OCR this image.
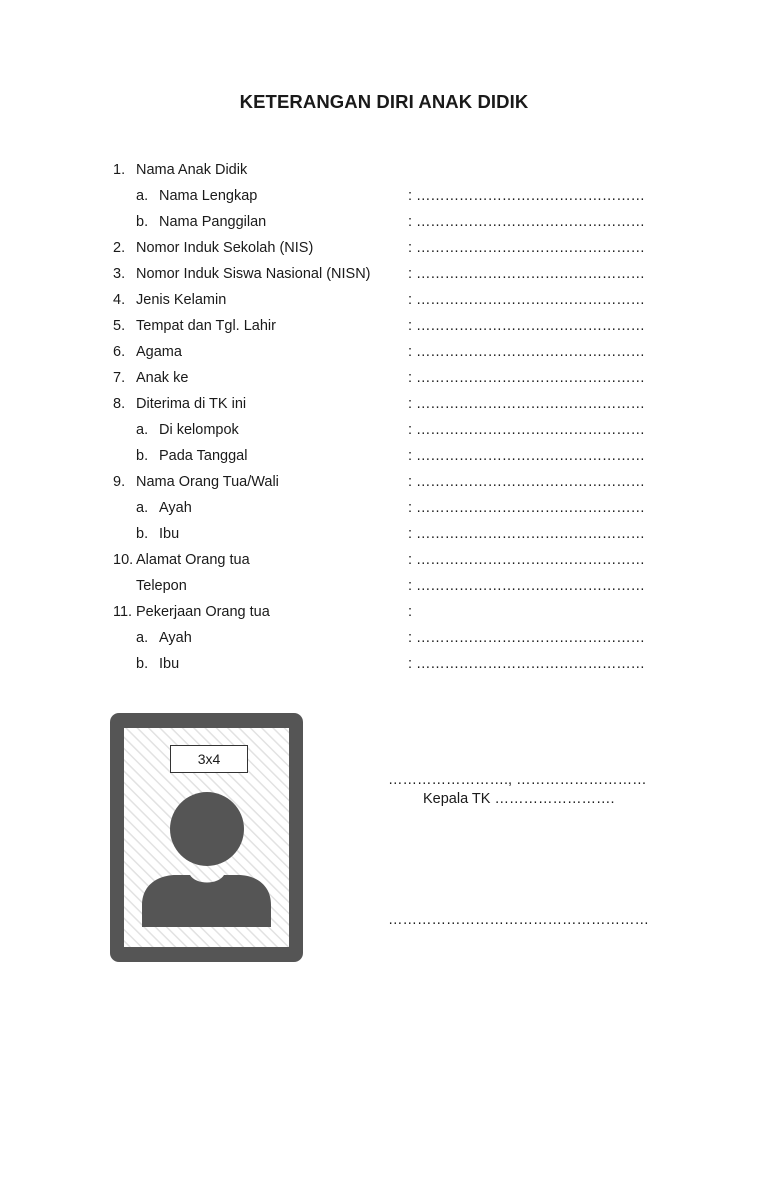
KETERANGAN DIRI ANAK DIDIK
1. Nama Anak Didik
a. Nama Lengkap	: …………………………………………
b. Nama Panggilan	: …………………………………………
2. Nomor Induk Sekolah (NIS)	: …………………………………………
3. Nomor Induk Siswa Nasional (NISN)	: …………………………………………
4. Jenis Kelamin	: …………………………………………
5. Tempat dan Tgl. Lahir	: …………………………………………
6. Agama	: …………………………………………
7. Anak ke	: …………………………………………
8. Diterima di TK ini	: …………………………………………
a. Di kelompok	: …………………………………………
b. Pada Tanggal	: …………………………………………
9. Nama Orang Tua/Wali	: …………………………………………
a. Ayah	: …………………………………………
b. Ibu	: …………………………………………
10. Alamat Orang tua	: …………………………………………
Telepon	: …………………………………………
11. Pekerjaan Orang tua	:
a. Ayah	: …………………………………………
b. Ibu	: …………………………………………
3x4
……………………., ………………………
Kepala TK …………………….
………………………………………………
